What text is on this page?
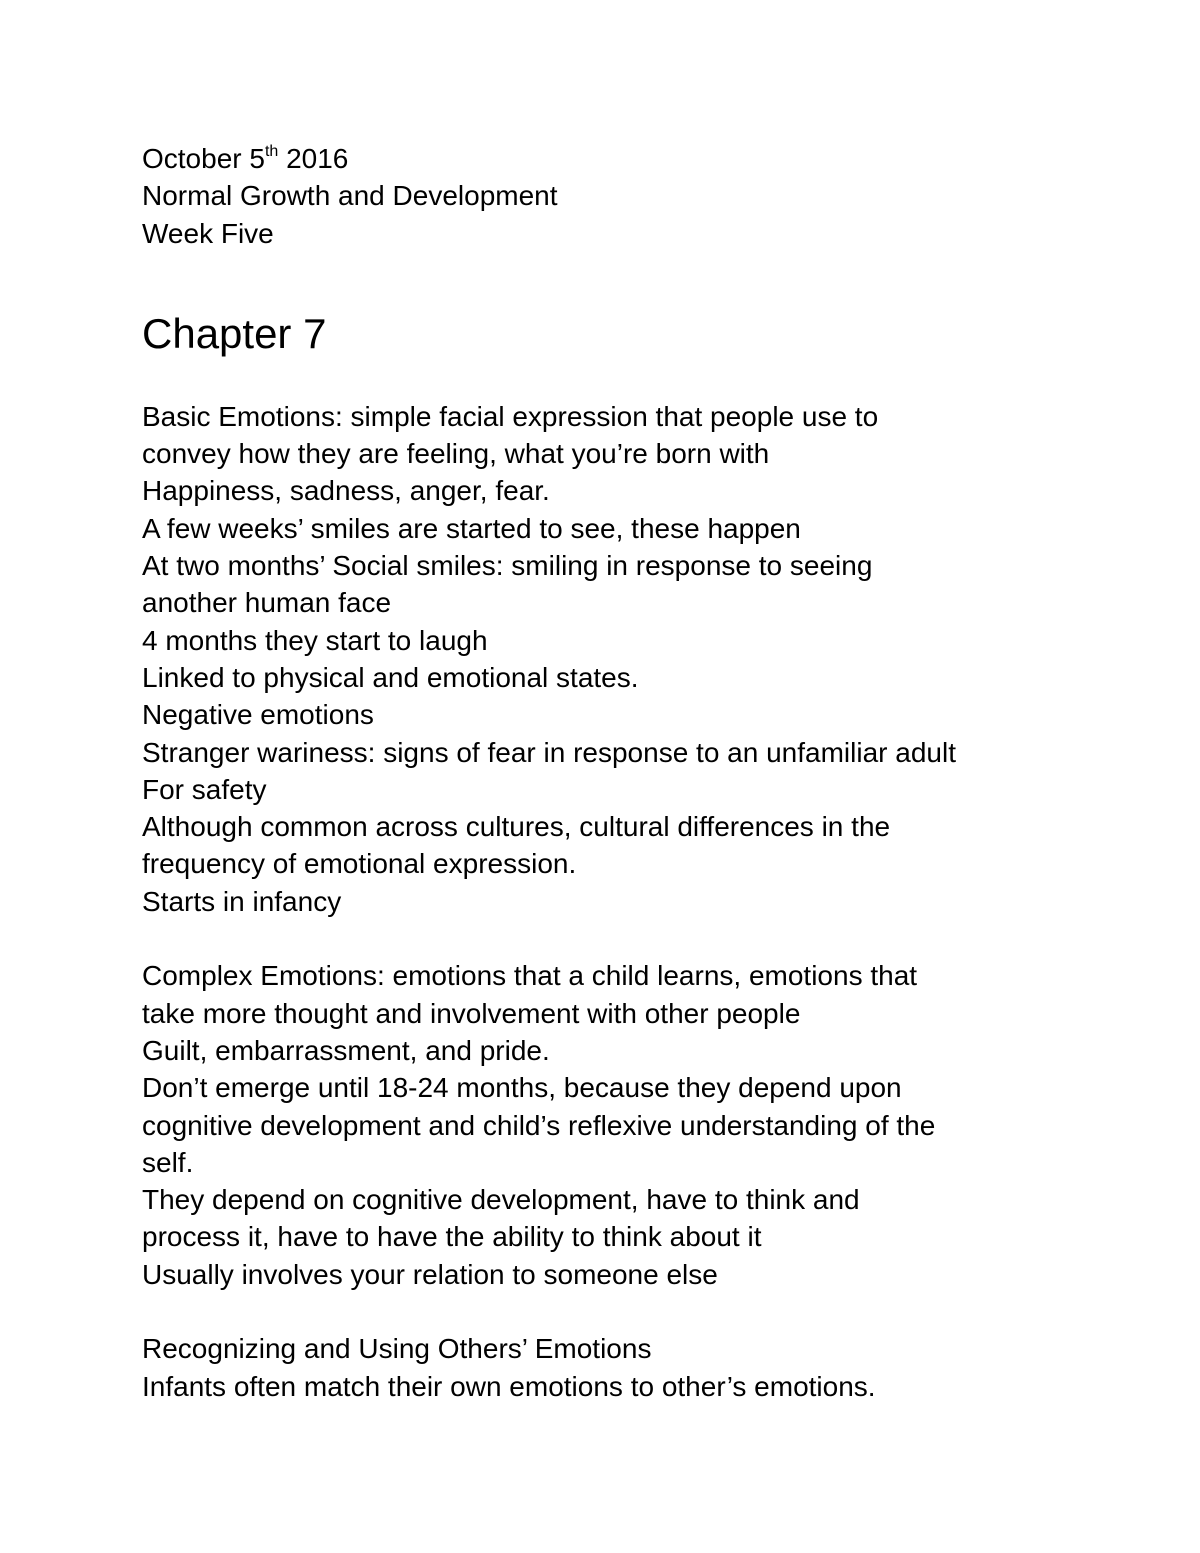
October 5th 2016
Normal Growth and Development
Week Five
Chapter 7
Basic Emotions: simple facial expression that people use to
convey how they are feeling, what you’re born with
Happiness, sadness, anger, fear.
A few weeks’ smiles are started to see, these happen
At two months’ Social smiles: smiling in response to seeing
another human face
4 months they start to laugh
Linked to physical and emotional states.
Negative emotions
Stranger wariness: signs of fear in response to an unfamiliar adult
For safety
Although common across cultures, cultural differences in the
frequency of emotional expression.
Starts in infancy
Complex Emotions: emotions that a child learns, emotions that
take more thought and involvement with other people
Guilt, embarrassment, and pride.
Don’t emerge until 18-24 months, because they depend upon
cognitive development and child’s reflexive understanding of the
self.
They depend on cognitive development, have to think and
process it, have to have the ability to think about it
Usually involves your relation to someone else
Recognizing and Using Others’ Emotions
Infants often match their own emotions to other’s emotions.
